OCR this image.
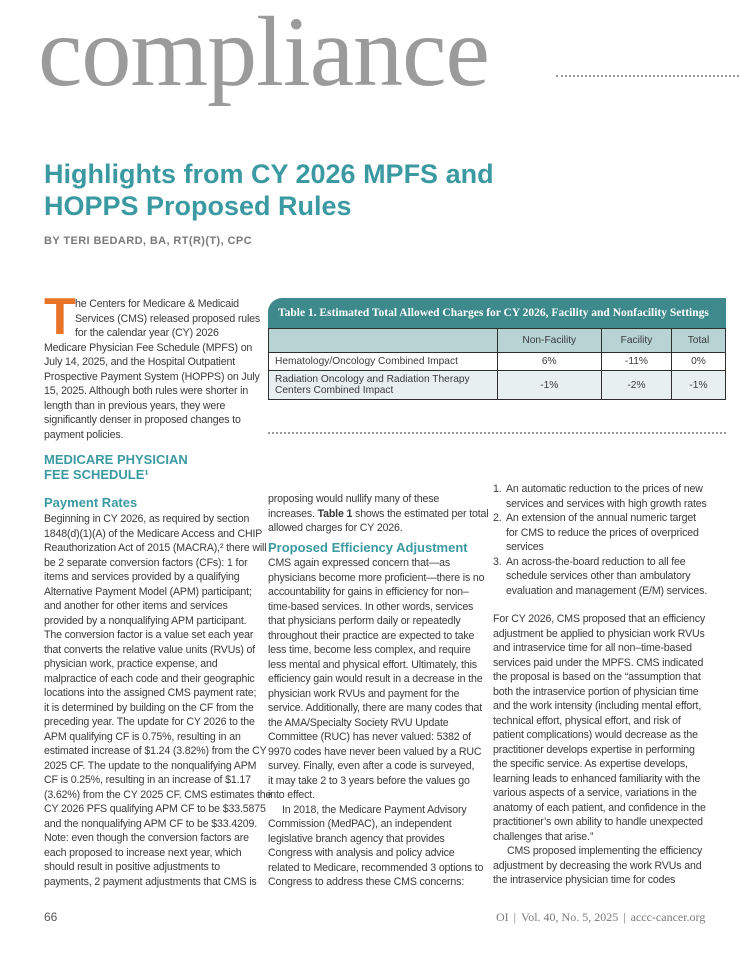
compliance
Highlights from CY 2026 MPFS and HOPPS Proposed Rules
BY TERI BEDARD, BA, RT(R)(T), CPC
T he Centers for Medicare & Medicaid
Services (CMS) released proposed rules
for the calendar year (CY) 2026
Medicare Physician Fee Schedule (MPFS) on
July 14, 2025, and the Hospital Outpatient
Prospective Payment System (HOPPS) on July
15, 2025. Although both rules were shorter in
length than in previous years, they were
significantly denser in proposed changes to
payment policies.
MEDICARE PHYSICIAN
FEE SCHEDULE¹
Payment Rates
Beginning in CY 2026, as required by section
1848(d)(1)(A) of the Medicare Access and CHIP
Reauthorization Act of 2015 (MACRA),² there will
be 2 separate conversion factors (CFs): 1 for
items and services provided by a qualifying
Alternative Payment Model (APM) participant;
and another for other items and services
provided by a nonqualifying APM participant.
The conversion factor is a value set each year
that converts the relative value units (RVUs) of
physician work, practice expense, and
malpractice of each code and their geographic
locations into the assigned CMS payment rate;
it is determined by building on the CF from the
preceding year. The update for CY 2026 to the
APM qualifying CF is 0.75%, resulting in an
estimated increase of $1.24 (3.82%) from the CY
2025 CF. The update to the nonqualifying APM
CF is 0.25%, resulting in an increase of $1.17
(3.62%) from the CY 2025 CF. CMS estimates the
CY 2026 PFS qualifying APM CF to be $33.5875
and the nonqualifying APM CF to be $33.4209.
Note: even though the conversion factors are
each proposed to increase next year, which
should result in positive adjustments to
payments, 2 payment adjustments that CMS is
66
Table 1. Estimated Total Allowed Charges for CY 2026, Facility and Nonfacility Settings
	Non-Facility	Facility	Total
Hematology/Oncology Combined Impact	6%	-11%	0%

Radiation Oncology and Radiation Therapy
Centers Combined Impact	-1%	-2%	-1%
proposing would nullify many of these
increases. Table 1 shows the estimated per total
allowed charges for CY 2026.
Proposed Efficiency Adjustment
CMS again expressed concern that—as
physicians become more proficient—there is no
accountability for gains in efficiency for non–
time-based services. In other words, services
that physicians perform daily or repeatedly
throughout their practice are expected to take
less time, become less complex, and require
less mental and physical effort. Ultimately, this
efficiency gain would result in a decrease in the
physician work RVUs and payment for the
service. Additionally, there are many codes that
the AMA/Specialty Society RVU Update
Committee (RUC) has never valued: 5382 of
9970 codes have never been valued by a RUC
survey. Finally, even after a code is surveyed,
it may take 2 to 3 years before the values go
into effect.
In 2018, the Medicare Payment Advisory
Commission (MedPAC), an independent
legislative branch agency that provides
Congress with analysis and policy advice
related to Medicare, recommended 3 options to
Congress to address these CMS concerns:
1. An automatic reduction to the prices of new
services and services with high growth rates
2. An extension of the annual numeric target
for CMS to reduce the prices of overpriced
services
3. An across-the-board reduction to all fee
schedule services other than ambulatory
evaluation and management (E/M) services.
For CY 2026, CMS proposed that an efficiency
adjustment be applied to physician work RVUs
and intraservice time for all non–time-based
services paid under the MPFS. CMS indicated
the proposal is based on the “assumption that
both the intraservice portion of physician time
and the work intensity (including mental effort,
technical effort, physical effort, and risk of
patient complications) would decrease as the
practitioner develops expertise in performing
the specific service. As expertise develops,
learning leads to enhanced familiarity with the
various aspects of a service, variations in the
anatomy of each patient, and confidence in the
practitioner’s own ability to handle unexpected
challenges that arise.”
CMS proposed implementing the efficiency
adjustment by decreasing the work RVUs and
the intraservice physician time for codes
OI | Vol. 40, No. 5, 2025 | accc-cancer.org
